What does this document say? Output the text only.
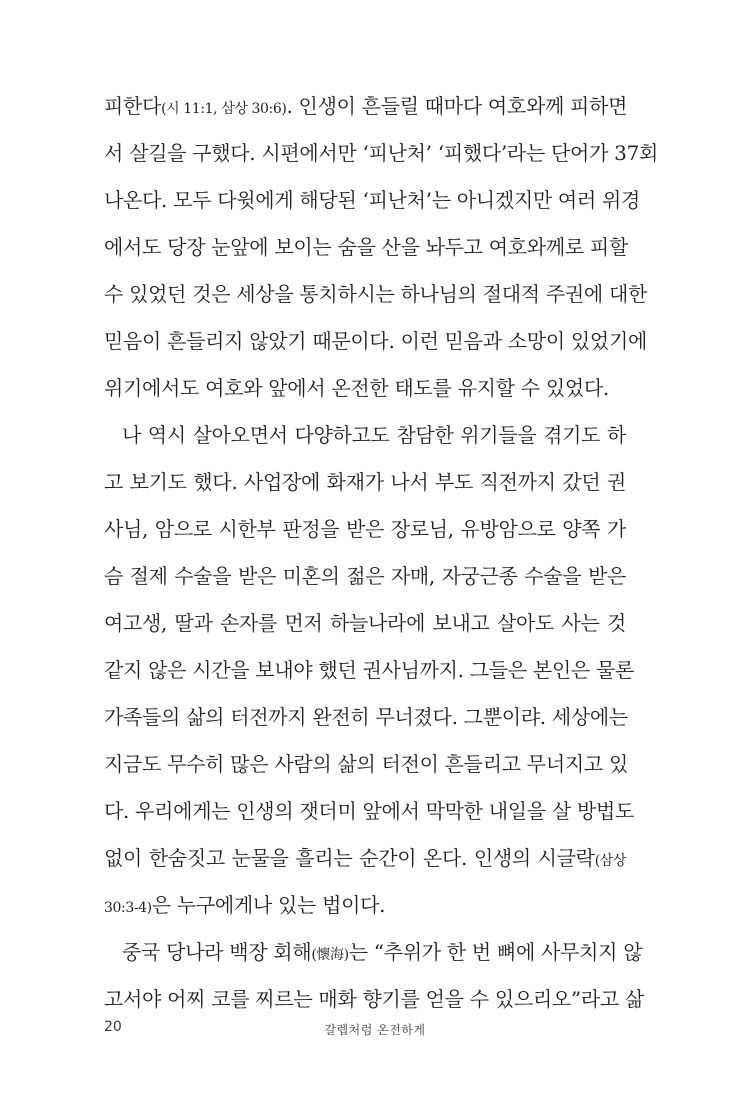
피한다(시 11:1, 삼상 30:6). 인생이 흔들릴 때마다 여호와께 피하면
서 살길을 구했다. 시편에서만 ‘피난처’ ‘피했다’라는 단어가 37회
나온다. 모두 다윗에게 해당된 ‘피난처’는 아니겠지만 여러 위경
에서도 당장 눈앞에 보이는 숨을 산을 놔두고 여호와께로 피할
수 있었던 것은 세상을 통치하시는 하나님의 절대적 주권에 대한
믿음이 흔들리지 않았기 때문이다. 이런 믿음과 소망이 있었기에
위기에서도 여호와 앞에서 온전한 태도를 유지할 수 있었다.
나 역시 살아오면서 다양하고도 참담한 위기들을 겪기도 하
고 보기도 했다. 사업장에 화재가 나서 부도 직전까지 갔던 권
사님, 암으로 시한부 판정을 받은 장로님, 유방암으로 양쪽 가
슴 절제 수술을 받은 미혼의 젊은 자매, 자궁근종 수술을 받은
여고생, 딸과 손자를 먼저 하늘나라에 보내고 살아도 사는 것
같지 않은 시간을 보내야 했던 권사님까지. 그들은 본인은 물론
가족들의 삶의 터전까지 완전히 무너졌다. 그뿐이랴. 세상에는
지금도 무수히 많은 사람의 삶의 터전이 흔들리고 무너지고 있
다. 우리에게는 인생의 잿더미 앞에서 막막한 내일을 살 방법도
없이 한숨짓고 눈물을 흘리는 순간이 온다. 인생의 시글락(삼상
30:3-4)은 누구에게나 있는 법이다.
중국 당나라 백장 회해(懷海)는 “추위가 한 번 뼈에 사무치지 않
고서야 어찌 코를 찌르는 매화 향기를 얻을 수 있으리오”라고 삶
20	갈렙처럼 온전하게
